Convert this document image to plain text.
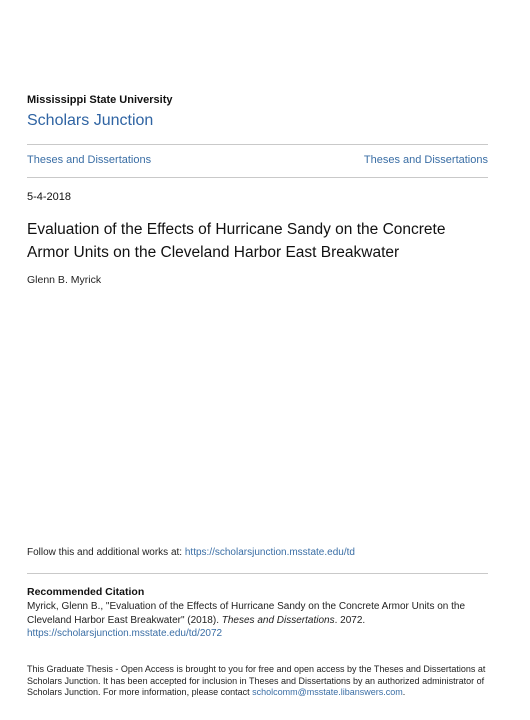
Mississippi State University
Scholars Junction
Theses and Dissertations	Theses and Dissertations
5-4-2018
Evaluation of the Effects of Hurricane Sandy on the Concrete Armor Units on the Cleveland Harbor East Breakwater
Glenn B. Myrick
Follow this and additional works at: https://scholarsjunction.msstate.edu/td
Recommended Citation
Myrick, Glenn B., "Evaluation of the Effects of Hurricane Sandy on the Concrete Armor Units on the Cleveland Harbor East Breakwater" (2018). Theses and Dissertations. 2072.
https://scholarsjunction.msstate.edu/td/2072
This Graduate Thesis - Open Access is brought to you for free and open access by the Theses and Dissertations at Scholars Junction. It has been accepted for inclusion in Theses and Dissertations by an authorized administrator of Scholars Junction. For more information, please contact scholcomm@msstate.libanswers.com.
